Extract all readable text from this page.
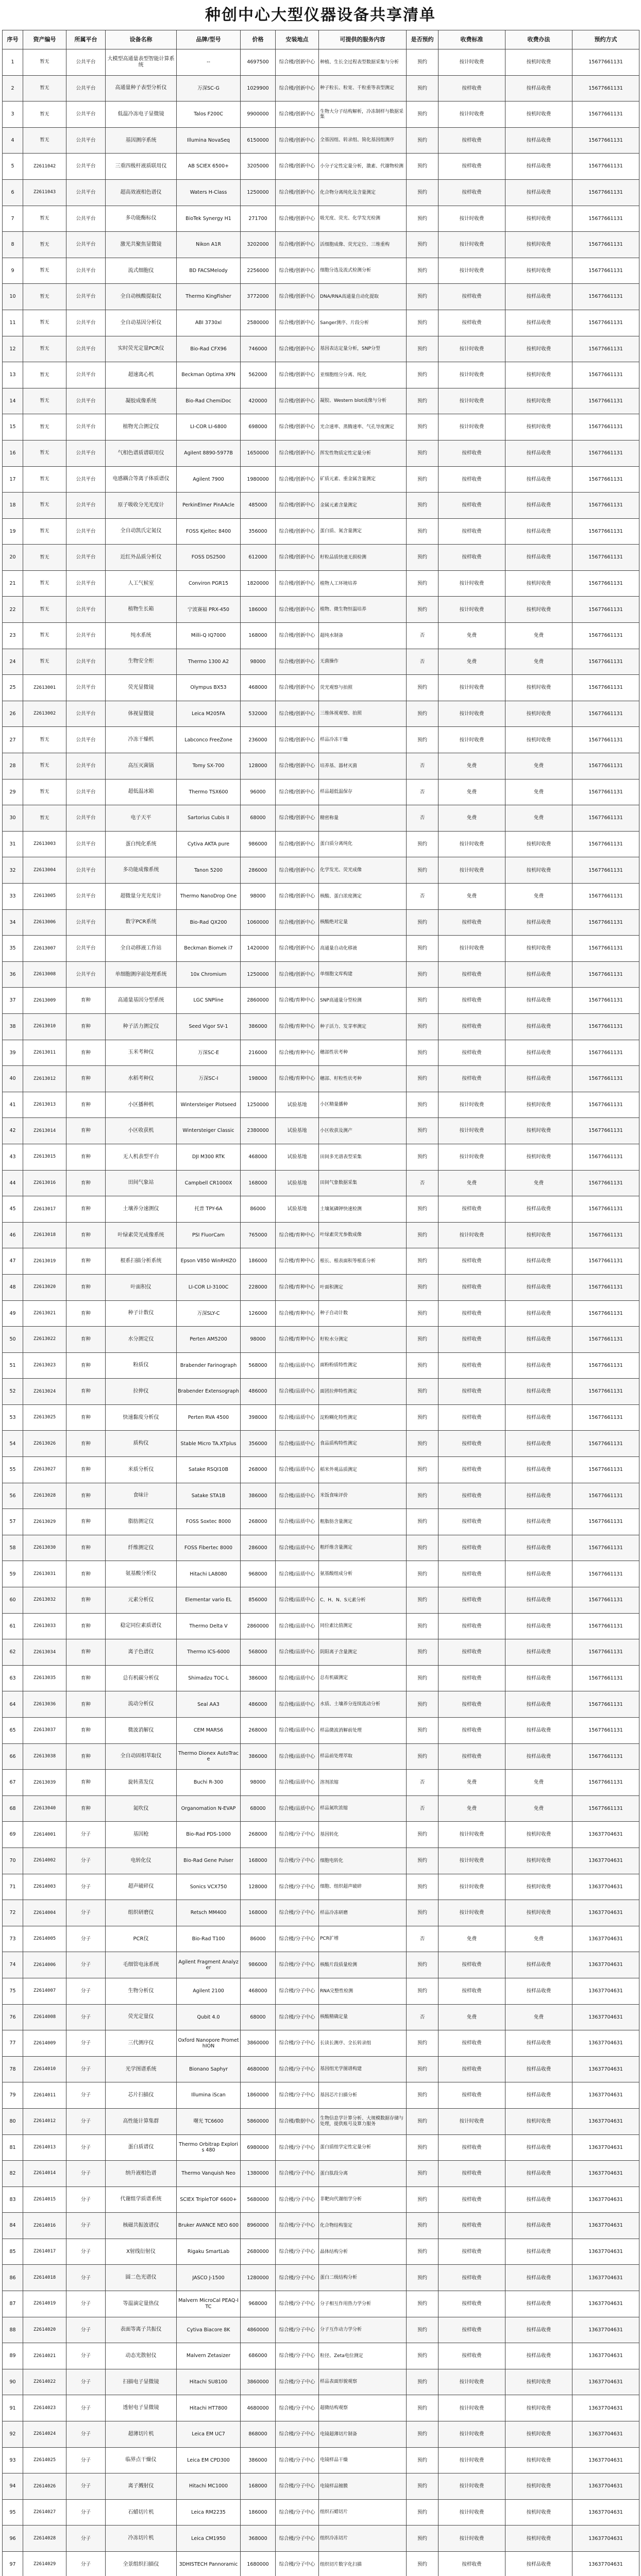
种创中心大型仪器设备共享清单
序号	资产编号	所属平台	设备名称	品牌/型号	价格	安装地点	可提供的服务内容	是否预约	收费标准	收费办法	预约方式
1	暂无	公共平台	大模型高通量表型智能计算系统	--	4697500	综合楼/创新中心	种植、生长全过程表型数据采集与分析	预约	按计时收费	按机时收费	15677661131
2	暂无	公共平台	高通量种子表型分析仪	万深SC-G	1029900	综合楼/创新中心	种子粒长、粒宽、千粒重等表型测定	预约	按样收费	按样品收费	15677661131
3	暂无	公共平台	低温冷冻电子显微镜	Talos F200C	9900000	综合楼/创新中心	生物大分子结构解析，冷冻制样与数据采集	预约	按计时收费	按机时收费	15677661131
4	暂无	公共平台	基因测序系统	Illumina NovaSeq	6150000	综合楼/创新中心	全基因组、转录组、简化基因组测序	预约	按样收费	按样品收费	15677661131
5	Z2611042	公共平台	三重四极杆液质联用仪	AB SCIEX 6500+	3205000	综合楼/创新中心	小分子定性定量分析，激素、代谢物检测	预约	按样收费	按样品收费	15677661131
6	Z2611043	公共平台	超高效液相色谱仪	Waters H-Class	1250000	综合楼/创新中心	化合物分离纯化及含量测定	预约	按样收费	按样品收费	15677661131
7	暂无	公共平台	多功能酶标仪	BioTek Synergy H1	271700	综合楼/创新中心	吸光度、荧光、化学发光检测	预约	按计时收费	按机时收费	15677661131
8	暂无	公共平台	激光共聚焦显微镜	Nikon A1R	3202000	综合楼/创新中心	活细胞成像、荧光定位、三维重构	预约	按计时收费	按机时收费	15677661131
9	暂无	公共平台	流式细胞仪	BD FACSMelody	2256000	综合楼/创新中心	细胞分选及流式检测分析	预约	按计时收费	按机时收费	15677661131
10	暂无	公共平台	全自动核酸提取仪	Thermo KingFisher	3772000	综合楼/创新中心	DNA/RNA高通量自动化提取	预约	按样收费	按样品收费	15677661131
11	暂无	公共平台	全自动基因分析仪	ABI 3730xl	2580000	综合楼/创新中心	Sanger测序、片段分析	预约	按样收费	按样品收费	15677661131
12	暂无	公共平台	实时荧光定量PCR仪	Bio-Rad CFX96	746000	综合楼/创新中心	基因表达定量分析，SNP分型	预约	按计时收费	按机时收费	15677661131
13	暂无	公共平台	超速离心机	Beckman Optima XPN	562000	综合楼/创新中心	亚细胞组分分离、纯化	预约	按计时收费	按机时收费	15677661131
14	暂无	公共平台	凝胶成像系统	Bio-Rad ChemiDoc	420000	综合楼/创新中心	凝胶、Western blot成像与分析	预约	按计时收费	按机时收费	15677661131
15	暂无	公共平台	植物光合测定仪	LI-COR LI-6800	698000	综合楼/创新中心	光合速率、蒸腾速率、气孔导度测定	预约	按计时收费	按机时收费	15677661131
16	暂无	公共平台	气相色谱质谱联用仪	Agilent 8890-5977B	1650000	综合楼/创新中心	挥发性物质定性定量分析	预约	按样收费	按样品收费	15677661131
17	暂无	公共平台	电感耦合等离子体质谱仪	Agilent 7900	1980000	综合楼/创新中心	矿质元素、重金属含量测定	预约	按样收费	按样品收费	15677661131
18	暂无	公共平台	原子吸收分光光度计	PerkinElmer PinAAcle	485000	综合楼/创新中心	金属元素含量测定	预约	按样收费	按样品收费	15677661131
19	暂无	公共平台	全自动凯氏定氮仪	FOSS Kjeltec 8400	356000	综合楼/创新中心	蛋白质、氮含量测定	预约	按样收费	按样品收费	15677661131
20	暂无	公共平台	近红外品质分析仪	FOSS DS2500	612000	综合楼/创新中心	籽粒品质快速无损检测	预约	按样收费	按样品收费	15677661131
21	暂无	公共平台	人工气候室	Conviron PGR15	1820000	综合楼/创新中心	植物人工环境培养	预约	按计时收费	按机时收费	15677661131
22	暂无	公共平台	植物生长箱	宁波赛福 PRX-450	186000	综合楼/创新中心	植物、微生物恒温培养	预约	按计时收费	按机时收费	15677661131
23	暂无	公共平台	纯水系统	Milli-Q IQ7000	168000	综合楼/创新中心	超纯水制备	否	免费	免费	15677661131
24	暂无	公共平台	生物安全柜	Thermo 1300 A2	98000	综合楼/创新中心	无菌操作	否	免费	免费	15677661131
25	Z2613001	公共平台	荧光显微镜	Olympus BX53	468000	综合楼/创新中心	荧光观察与拍照	预约	按计时收费	按机时收费	15677661131
26	Z2613002	公共平台	体视显微镜	Leica M205FA	532000	综合楼/创新中心	三维体视观察、拍照	预约	按计时收费	按机时收费	15677661131
27	暂无	公共平台	冷冻干燥机	Labconco FreeZone	236000	综合楼/创新中心	样品冷冻干燥	预约	按计时收费	按机时收费	15677661131
28	暂无	公共平台	高压灭菌锅	Tomy SX-700	128000	综合楼/创新中心	培养基、器材灭菌	否	免费	免费	15677661131
29	暂无	公共平台	超低温冰箱	Thermo TSX600	96000	综合楼/创新中心	样品超低温保存	否	免费	免费	15677661131
30	暂无	公共平台	电子天平	Sartorius Cubis II	68000	综合楼/创新中心	精密称量	否	免费	免费	15677661131
31	Z2613003	公共平台	蛋白纯化系统	Cytiva AKTA pure	986000	综合楼/创新中心	蛋白质分离纯化	预约	按计时收费	按机时收费	15677661131
32	Z2613004	公共平台	多功能成像系统	Tanon 5200	286000	综合楼/创新中心	化学发光、荧光成像	预约	按计时收费	按机时收费	15677661131
33	Z2613005	公共平台	超微量分光光度计	Thermo NanoDrop One	98000	综合楼/创新中心	核酸、蛋白浓度测定	否	免费	免费	15677661131
34	Z2613006	公共平台	数字PCR系统	Bio-Rad QX200	1060000	综合楼/创新中心	核酸绝对定量	预约	按样收费	按样品收费	15677661131
35	Z2613007	公共平台	全自动移液工作站	Beckman Biomek i7	1420000	综合楼/创新中心	高通量自动化移液	预约	按计时收费	按机时收费	15677661131
36	Z2613008	公共平台	单细胞测序前处理系统	10x Chromium	1250000	综合楼/创新中心	单细胞文库构建	预约	按样收费	按样品收费	15677661131
37	Z2613009	育种	高通量基因分型系统	LGC SNPline	2860000	综合楼/育种中心	SNP高通量分型检测	预约	按样收费	按样品收费	15677661131
38	Z2613010	育种	种子活力测定仪	Seed Vigor SV-1	386000	综合楼/育种中心	种子活力、发芽率测定	预约	按样收费	按样品收费	15677661131
39	Z2613011	育种	玉米考种仪	万深SC-E	216000	综合楼/育种中心	穗部性状考种	预约	按样收费	按样品收费	15677661131
40	Z2613012	育种	水稻考种仪	万深SC-I	198000	综合楼/育种中心	穗部、籽粒性状考种	预约	按样收费	按样品收费	15677661131
41	Z2613013	育种	小区播种机	Wintersteiger Plotseed	1250000	试验基地	小区精量播种	预约	按计时收费	按机时收费	15677661131
42	Z2613014	育种	小区收获机	Wintersteiger Classic	2380000	试验基地	小区收获及测产	预约	按计时收费	按机时收费	15677661131
43	Z2613015	育种	无人机表型平台	DJI M300 RTK	468000	试验基地	田间多光谱表型采集	预约	按计时收费	按机时收费	15677661131
44	Z2613016	育种	田间气象站	Campbell CR1000X	168000	试验基地	田间气象数据采集	否	免费	免费	15677661131
45	Z2613017	育种	土壤养分速测仪	托普 TPY-6A	86000	试验基地	土壤氮磷钾快速检测	预约	按样收费	按样品收费	15677661131
46	Z2613018	育种	叶绿素荧光成像系统	PSI FluorCam	765000	综合楼/育种中心	叶绿素荧光参数成像	预约	按计时收费	按机时收费	15677661131
47	Z2613019	育种	根系扫描分析系统	Epson V850 WinRHIZO	186000	综合楼/育种中心	根长、根表面积等根系分析	预约	按样收费	按样品收费	15677661131
48	Z2613020	育种	叶面积仪	LI-COR LI-3100C	228000	综合楼/育种中心	叶面积测定	预约	按样收费	按样品收费	15677661131
49	Z2613021	育种	种子计数仪	万深SLY-C	126000	综合楼/育种中心	种子自动计数	预约	按样收费	按样品收费	15677661131
50	Z2613022	育种	水分测定仪	Perten AM5200	98000	综合楼/育种中心	籽粒水分测定	预约	按样收费	按样品收费	15677661131
51	Z2613023	育种	粉质仪	Brabender Farinograph	568000	综合楼/品质中心	面粉粉质特性测定	预约	按样收费	按样品收费	15677661131
52	Z2613024	育种	拉伸仪	Brabender Extensograph	486000	综合楼/品质中心	面团拉伸特性测定	预约	按样收费	按样品收费	15677661131
53	Z2613025	育种	快速黏度分析仪	Perten RVA 4500	398000	综合楼/品质中心	淀粉糊化特性测定	预约	按样收费	按样品收费	15677661131
54	Z2613026	育种	质构仪	Stable Micro TA.XTplus	356000	综合楼/品质中心	食品质构特性测定	预约	按样收费	按样品收费	15677661131
55	Z2613027	育种	米质分析仪	Satake RSQI10B	268000	综合楼/品质中心	稻米外观品质测定	预约	按样收费	按样品收费	15677661131
56	Z2613028	育种	食味计	Satake STA1B	386000	综合楼/品质中心	米饭食味评价	预约	按样收费	按样品收费	15677661131
57	Z2613029	育种	脂肪测定仪	FOSS Soxtec 8000	268000	综合楼/品质中心	粗脂肪含量测定	预约	按样收费	按样品收费	15677661131
58	Z2613030	育种	纤维测定仪	FOSS Fibertec 8000	286000	综合楼/品质中心	粗纤维含量测定	预约	按样收费	按样品收费	15677661131
59	Z2613031	育种	氨基酸分析仪	Hitachi LA8080	968000	综合楼/品质中心	氨基酸组成分析	预约	按样收费	按样品收费	15677661131
60	Z2613032	育种	元素分析仪	Elementar vario EL	856000	综合楼/品质中心	C、H、N、S元素分析	预约	按样收费	按样品收费	15677661131
61	Z2613033	育种	稳定同位素质谱仪	Thermo Delta V	2860000	综合楼/品质中心	同位素比值测定	预约	按样收费	按样品收费	15677661131
62	Z2613034	育种	离子色谱仪	Thermo ICS-6000	568000	综合楼/品质中心	阴阳离子含量测定	预约	按样收费	按样品收费	15677661131
63	Z2613035	育种	总有机碳分析仪	Shimadzu TOC-L	386000	综合楼/品质中心	总有机碳测定	预约	按样收费	按样品收费	15677661131
64	Z2613036	育种	流动分析仪	Seal AA3	486000	综合楼/品质中心	水质、土壤养分连续流动分析	预约	按样收费	按样品收费	15677661131
65	Z2613037	育种	微波消解仪	CEM MARS6	268000	综合楼/品质中心	样品微波消解前处理	预约	按样收费	按样品收费	15677661131
66	Z2613038	育种	全自动固相萃取仪	Thermo Dionex AutoTrace	386000	综合楼/品质中心	样品前处理萃取	预约	按样收费	按样品收费	15677661131
67	Z2613039	育种	旋转蒸发仪	Buchi R-300	98000	综合楼/品质中心	溶剂浓缩	否	免费	免费	15677661131
68	Z2613040	育种	氮吹仪	Organomation N-EVAP	68000	综合楼/品质中心	样品氮吹浓缩	否	免费	免费	15677661131
69	Z2614001	分子	基因枪	Bio-Rad PDS-1000	268000	综合楼/分子中心	基因转化	预约	按计时收费	按机时收费	13637704631
70	Z2614002	分子	电转化仪	Bio-Rad Gene Pulser	168000	综合楼/分子中心	细胞电转化	预约	按计时收费	按机时收费	13637704631
71	Z2614003	分子	超声破碎仪	Sonics VCX750	128000	综合楼/分子中心	细胞、组织超声破碎	预约	按计时收费	按机时收费	13637704631
72	Z2614004	分子	组织研磨仪	Retsch MM400	168000	综合楼/分子中心	样品冷冻研磨	预约	按计时收费	按机时收费	13637704631
73	Z2614005	分子	PCR仪	Bio-Rad T100	86000	综合楼/分子中心	PCR扩增	否	免费	免费	13637704631
74	Z2614006	分子	毛细管电泳系统	Agilent Fragment Analyzer	986000	综合楼/分子中心	核酸片段质量检测	预约	按样收费	按样品收费	13637704631
75	Z2614007	分子	生物分析仪	Agilent 2100	468000	综合楼/分子中心	RNA完整性检测	预约	按样收费	按样品收费	13637704631
76	Z2614008	分子	荧光定量仪	Qubit 4.0	68000	综合楼/分子中心	核酸精确定量	否	免费	免费	13637704631
77	Z2614009	分子	三代测序仪	Oxford Nanopore PromethION	3860000	综合楼/分子中心	长读长测序、全长转录组	预约	按样收费	按样品收费	13637704631
78	Z2614010	分子	光学图谱系统	Bionano Saphyr	4680000	综合楼/分子中心	基因组光学图谱构建	预约	按样收费	按样品收费	13637704631
79	Z2614011	分子	芯片扫描仪	Illumina iScan	1860000	综合楼/分子中心	基因芯片扫描分析	预约	按样收费	按样品收费	13637704631
80	Z2614012	分子	高性能计算集群	曙光 TC6600	5860000	综合楼/数据中心	生物信息学计算分析、大规模数据存储与处理，提供账号及算力服务	预约	按计时收费	按机时收费	13637704631
81	Z2614013	分子	蛋白质谱仪	Thermo Orbitrap Exploris 480	6980000	综合楼/分子中心	蛋白质组学定性定量分析	预约	按样收费	按样品收费	13637704631
82	Z2614014	分子	纳升液相色谱	Thermo Vanquish Neo	1380000	综合楼/分子中心	蛋白肽段分离	预约	按样收费	按样品收费	13637704631
83	Z2614015	分子	代谢组学质谱系统	SCIEX TripleTOF 6600+	5680000	综合楼/分子中心	非靶向代谢组学分析	预约	按样收费	按样品收费	13637704631
84	Z2614016	分子	核磁共振波谱仪	Bruker AVANCE NEO 600	8960000	综合楼/分子中心	化合物结构鉴定	预约	按样收费	按样品收费	13637704631
85	Z2614017	分子	X射线衍射仪	Rigaku SmartLab	2680000	综合楼/分子中心	晶体结构分析	预约	按样收费	按样品收费	13637704631
86	Z2614018	分子	圆二色光谱仪	JASCO J-1500	1280000	综合楼/分子中心	蛋白二级结构分析	预约	按样收费	按样品收费	13637704631
87	Z2614019	分子	等温滴定量热仪	Malvern MicroCal PEAQ-ITC	968000	综合楼/分子中心	分子相互作用热力学分析	预约	按样收费	按样品收费	13637704631
88	Z2614020	分子	表面等离子共振仪	Cytiva Biacore 8K	4860000	综合楼/分子中心	分子互作动力学分析	预约	按样收费	按样品收费	13637704631
89	Z2614021	分子	动态光散射仪	Malvern Zetasizer	686000	综合楼/分子中心	粒径、Zeta电位测定	预约	按样收费	按样品收费	13637704631
90	Z2614022	分子	扫描电子显微镜	Hitachi SU8100	3860000	综合楼/分子中心	样品表面形貌观察	预约	按计时收费	按机时收费	13637704631
91	Z2614023	分子	透射电子显微镜	Hitachi HT7800	4680000	综合楼/分子中心	超微结构观察	预约	按计时收费	按机时收费	13637704631
92	Z2614024	分子	超薄切片机	Leica EM UC7	868000	综合楼/分子中心	电镜超薄切片制备	预约	按计时收费	按机时收费	13637704631
93	Z2614025	分子	临界点干燥仪	Leica EM CPD300	386000	综合楼/分子中心	电镜样品干燥	预约	按计时收费	按机时收费	13637704631
94	Z2614026	分子	离子溅射仪	Hitachi MC1000	168000	综合楼/分子中心	电镜样品镀膜	预约	按计时收费	按机时收费	13637704631
95	Z2614027	分子	石蜡切片机	Leica RM2235	186000	综合楼/分子中心	组织石蜡切片	预约	按计时收费	按机时收费	13637704631
96	Z2614028	分子	冷冻切片机	Leica CM1950	368000	综合楼/分子中心	组织冷冻切片	预约	按计时收费	按机时收费	13637704631
97	Z2614029	分子	全景组织扫描仪	3DHISTECH Pannoramic	1680000	综合楼/分子中心	组织切片数字化扫描	预约	按样收费	按样品收费	13637704631
